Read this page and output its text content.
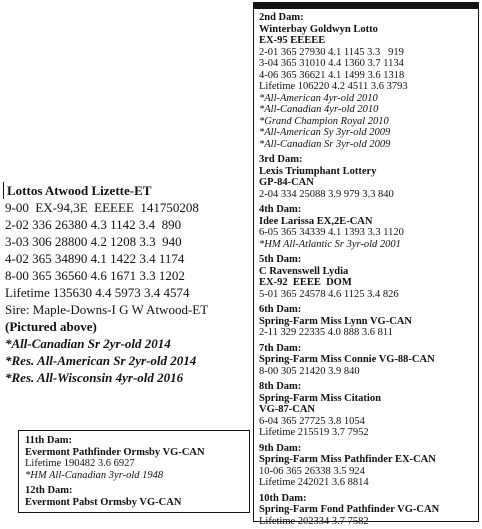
Lottos Atwood Lizette-ET
9-00  EX-94,3E  EEEEE  141750208
2-02 336 26380 4.3 1142 3.4  890
3-03 306 28800 4.2 1208 3.3  940
4-02 365 34890 4.1 1422 3.4 1174
8-00 365 36560 4.6 1671 3.3 1202
Lifetime 135630 4.4 5973 3.4 4574
Sire: Maple-Downs-I G W Atwood-ET
(Pictured above)
*All-Canadian Sr 2yr-old 2014
*Res. All-American Sr 2yr-old 2014
*Res. All-Wisconsin 4yr-old 2016
11th Dam:
Evermont Pathfinder Ormsby VG-CAN
Lifetime 190482 3.6 6927
*HM All-Canadian 3yr-old 1948
12th Dam:
Evermont Pabst Ormsby VG-CAN
2nd Dam:
Winterbay Goldwyn Lotto
EX-95 EEEEE
2-01 365 27930 4.1 1145 3.3   919
3-04 365 31010 4.4 1360 3.7 1134
4-06 365 36621 4.1 1499 3.6 1318
Lifetime 106220 4.2 4511 3.6 3793
*All-American 4yr-old 2010
*All-Canadian 4yr-old 2010
*Grand Champion Royal 2010
*All-American Sy 3yr-old 2009
*All-Canadian Sr 3yr-old 2009
3rd Dam:
Lexis Triumphant Lottery
GP-84-CAN
2-04 334 25088 3.9 979 3.3 840
4th Dam:
Idee Larissa EX,2E-CAN
6-05 365 34339 4.1 1393 3.3 1120
*HM All-Atlantic Sr 3yr-old 2001
5th Dam:
C Ravenswell Lydia
EX-92  EEEE  DOM
5-01 365 24578 4.6 1125 3.4 826
6th Dam:
Spring-Farm Miss Lynn VG-CAN
2-11 329 22335 4.0 888 3.6 811
7th Dam:
Spring-Farm Miss Connie VG-88-CAN
8-00 305 21420 3.9 840
8th Dam:
Spring-Farm Miss Citation
VG-87-CAN
6-04 365 27725 3.8 1054
Lifetime 215519 3.7 7952
9th Dam:
Spring-Farm Miss Pathfinder EX-CAN
10-06 365 26338 3.5 924
Lifetime 242021 3.6 8814
10th Dam:
Spring-Farm Fond Pathfinder VG-CAN
Lifetime 202334 3.7 7582
